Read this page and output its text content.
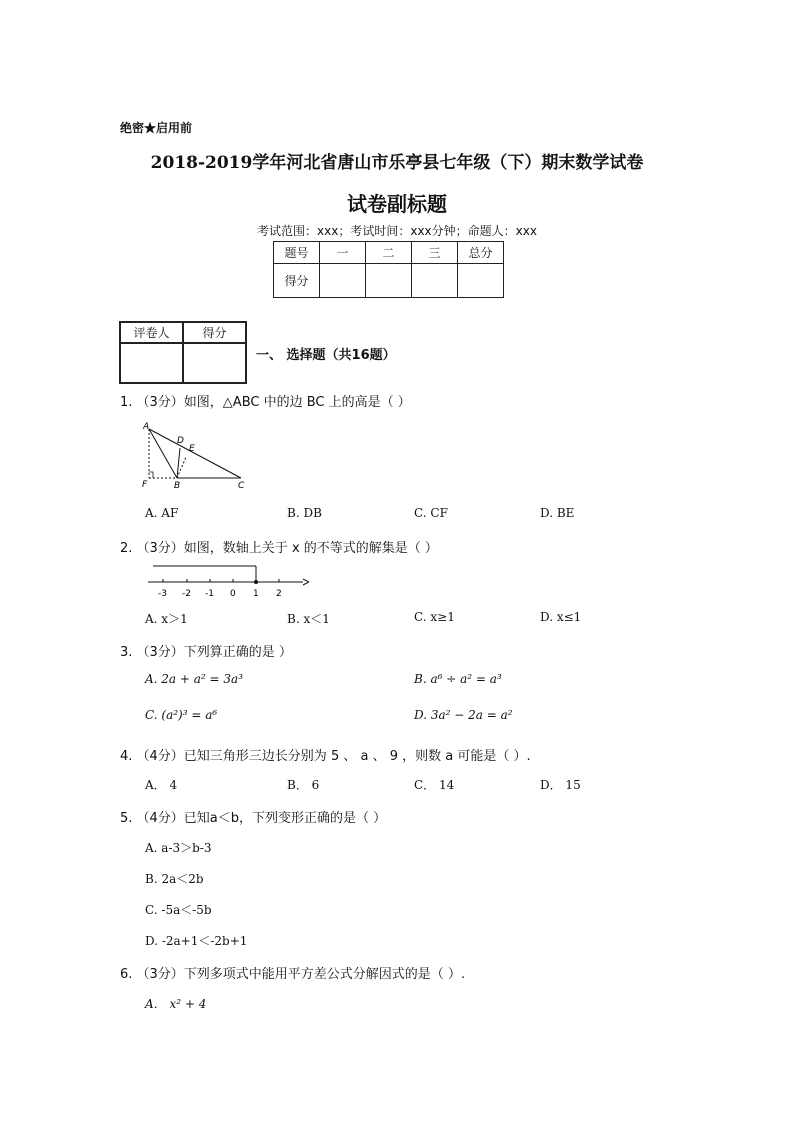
绝密★启用前
2018-2019学年河北省唐山市乐亭县七年级（下）期末数学试卷
试卷副标题
考试范围：xxx；考试时间：xxx分钟；命题人：xxx
题号	一	二	三	总分
得分				
评卷人	得分

一、 选择题（共16题）
1. （3分）如图，△ABC 中的边 BC 上的高是（ ）
A
D
E
F	B	C
A. AF	B. DB	C. CF	D. BE
2. （3分）如图，数轴上关于 x 的不等式的解集是（ ）
-3 -2 -1 0 1 2
A. x＞1	B. x＜1	C. x≥1	D. x≤1
3. （3分）下列算正确的是 ）
A. 2a + a² = 3a³	B. a⁶ ÷ a² = a³
C. (a²)³ = a⁶	D. 3a² − 2a = a²
4. （4分）已知三角形三边长分别为 5 、 a 、 9 ，则数 a 可能是（ ）.
A． 4	B． 6	C． 14	D． 15
5. （4分）已知a＜b，下列变形正确的是（ ）
A. a-3＞b-3
B. 2a＜2b
C. -5a＜-5b
D. -2a+1＜-2b+1
6. （3分）下列多项式中能用平方差公式分解因式的是（ ）.
A． x² + 4
